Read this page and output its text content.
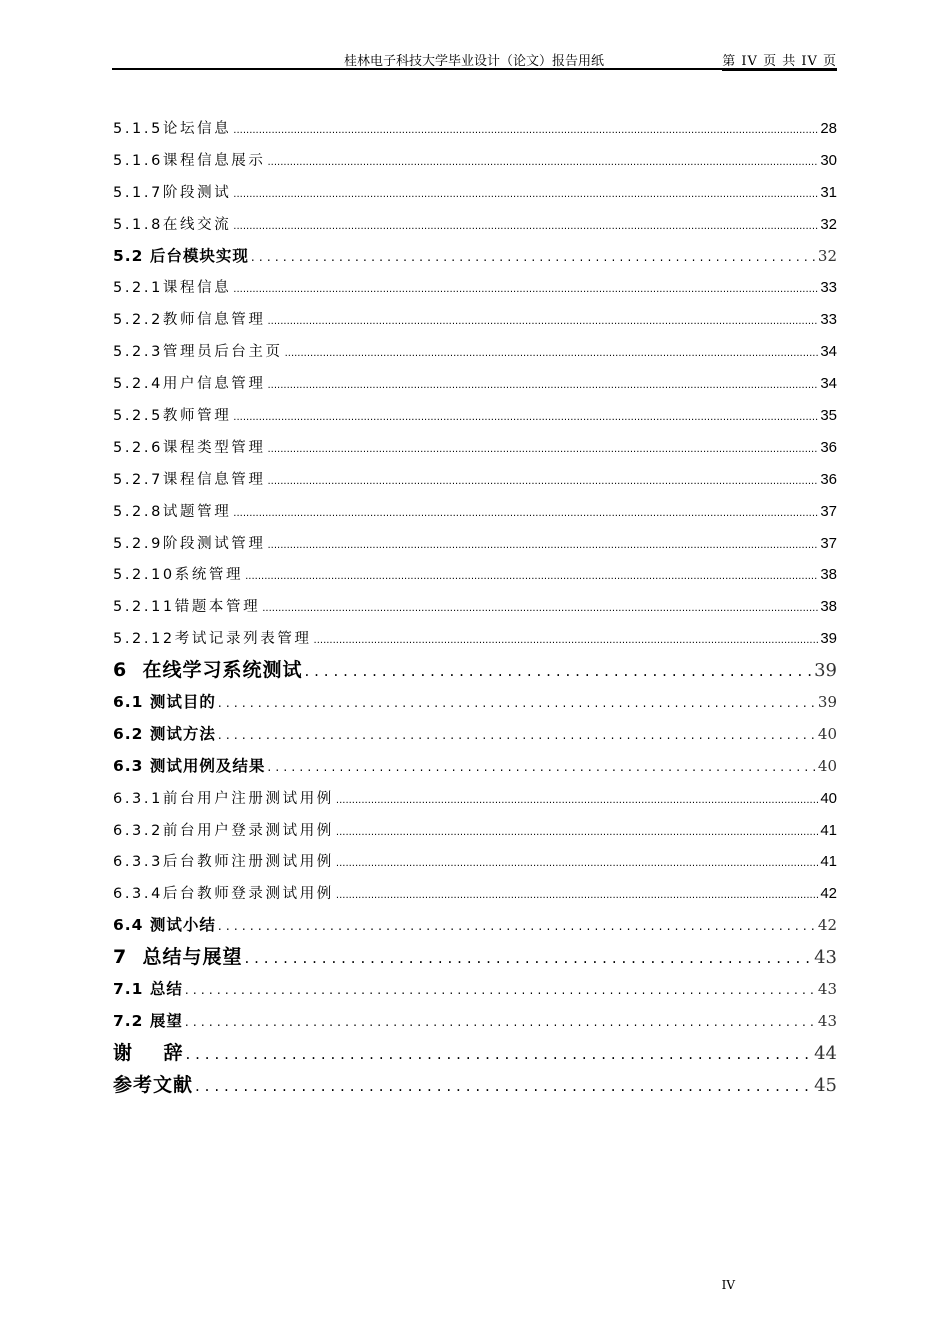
桂林电子科技大学毕业设计（论文）报告用纸	第 IV 页 共 IV 页
5.1.5论坛信息 .....	28
5.1.6课程信息展示 .....	30
5.1.7阶段测试 .....	31
5.1.8在线交流 .....	32
5.2 后台模块实现 .....	32
5.2.1课程信息 .....	33
5.2.2教师信息管理 .....	33
5.2.3管理员后台主页 .....	34
5.2.4用户信息管理 .....	34
5.2.5教师管理 .....	35
5.2.6课程类型管理 .....	36
5.2.7课程信息管理 .....	36
5.2.8试题管理 .....	37
5.2.9阶段测试管理 .....	37
5.2.10系统管理 .....	38
5.2.11错题本管理 .....	38
5.2.12考试记录列表管理 .....	39
6  在线学习系统测试 .....	39
6.1 测试目的 .....	39
6.2 测试方法 .....	40
6.3 测试用例及结果 .....	40
6.3.1前台用户注册测试用例 .....	40
6.3.2前台用户登录测试用例 .....	41
6.3.3后台教师注册测试用例 .....	41
6.3.4后台教师登录测试用例 .....	42
6.4 测试小结 .....	42
7  总结与展望 .....	43
7.1 总结 .....	43
7.2 展望 .....	43
谢    辞 .....	44
参考文献 .....	45
IV
